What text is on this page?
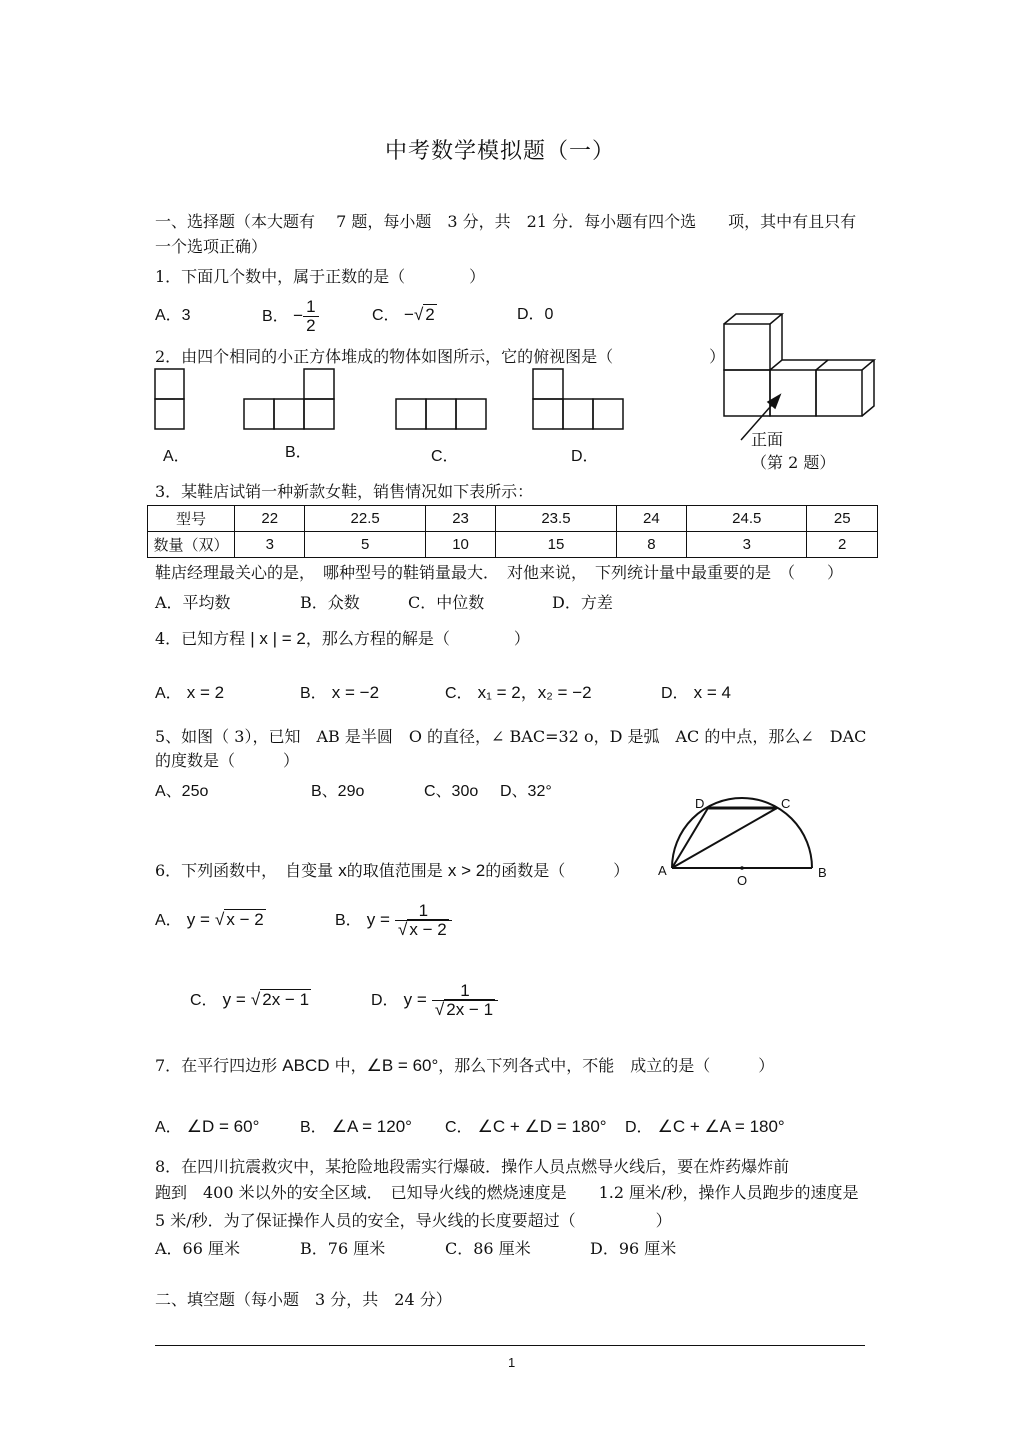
中考数学模拟题（一）
一、选择题（本大题有　 7 题，每小题　3 分，共　21 分．每小题有四个选　　项，其中有且只有
一个选项正确）
1．下面几个数中，属于正数的是（　　　　）
A．3	B． − $\frac{1}{2}$	C． −√ 2	D．0
2．由四个相同的小正方体堆成的物体如图所示，它的俯视图是（　　　　　　）
A．	B．	C．	D．
正面
（第 2 题）
3．某鞋店试销一种新款女鞋，销售情况如下表所示：
型号	22	22.5	23	23.5	24	24.5	25
数量（双）	3	5	10	15	8	3	2
鞋店经理最关心的是，　哪种型号的鞋销量最大．　对他来说，　下列统计量中最重要的是　（　　）
A．平均数	B．众数	C．中位数	D．方差
4．已知方程 | x | = 2，那么方程的解是（　　　　）
A． x = 2	B． x = −2	C． x₁ = 2，x₂ = −2	D． x = 4
5、如图（ 3），已知　AB 是半圆　O 的直径，∠ BAC=32 o，D 是弧　AC 的中点，那么∠　DAC
的度数是（　　　）
A、25o	B、29o	C、30o D、32°
D	C
A	B
O
6．下列函数中，　自变量 x的取值范围是 x > 2的函数是（　　　）
A． y = √ x − 2	B． $y = \frac{1}{√ x - 2}$
C． y = √ 2x − 1	D． $y = \frac{1}{√ 2x - 1}$
7．在平行四边形 ABCD 中，∠B = 60°，那么下列各式中，不能　成立的是（　　　）
A． ∠D = 60°	B． ∠A = 120° C． ∠C + ∠D = 180° D． ∠C + ∠A = 180°
8．在四川抗震救灾中，某抢险地段需实行爆破．操作人员点燃导火线后，要在炸药爆炸前
跑到　400 米以外的安全区域．　已知导火线的燃烧速度是　　1.2 厘米/秒，操作人员跑步的速度是
5 米/秒．为了保证操作人员的安全，导火线的长度要超过（　　　　　）
A．66 厘米	B．76 厘米	C．86 厘米	D．96 厘米
二、填空题（每小题　3 分，共　24 分）
1
